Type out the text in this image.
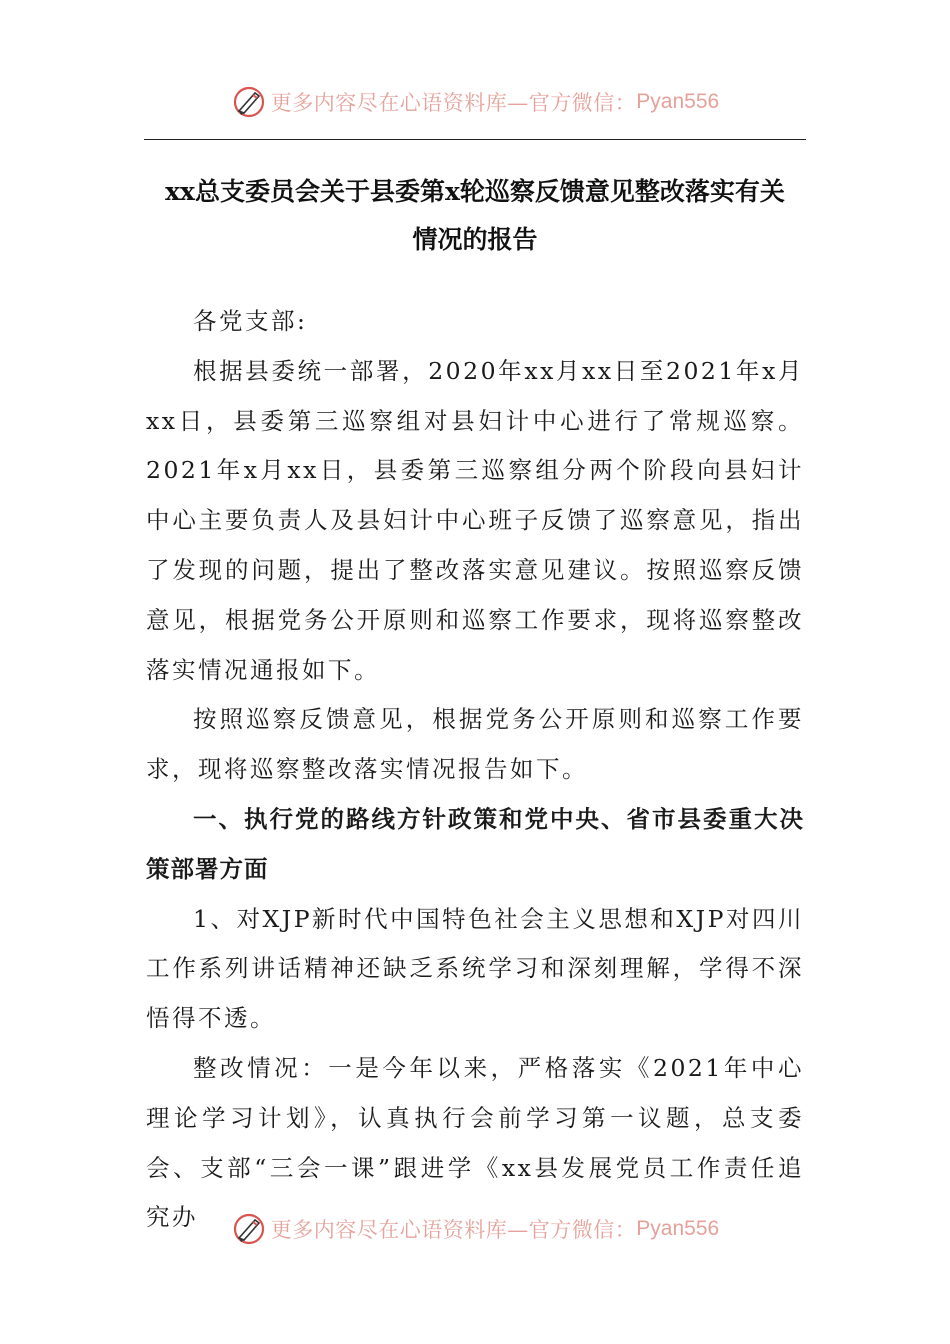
更多内容尽在心语资料库—官方微信： Pyan556
xx总支委员会关于县委第x轮巡察反馈意见整改落实有关
情况的报告

各党支部:

根据县委统一部署，2020年xx月xx日至2021年x月xx日，县委第三巡察组对县妇计中心进行了常规巡察。2021年x月xx日，县委第三巡察组分两个阶段向县妇计中心主要负责人及县妇计中心班子反馈了巡察意见，指出了发现的问题，提出了整改落实意见建议。按照巡察反馈意见，根据党务公开原则和巡察工作要求，现将巡察整改落实情况通报如下。

按照巡察反馈意见，根据党务公开原则和巡察工作要求，现将巡察整改落实情况报告如下。

一、执行党的路线方针政策和党中央、省市县委重大决策部署方面

1、对XJP新时代中国特色社会主义思想和XJP对四川工作系列讲话精神还缺乏系统学习和深刻理解，学得不深悟得不透。

整改情况：一是今年以来，严格落实《2021年中心理论学习计划》，认真执行会前学习第一议题，总支委会、支部“三会一课”跟进学《xx县发展党员工作责任追究办	更多内容尽在心语资料库—官方微信： Pyan556
